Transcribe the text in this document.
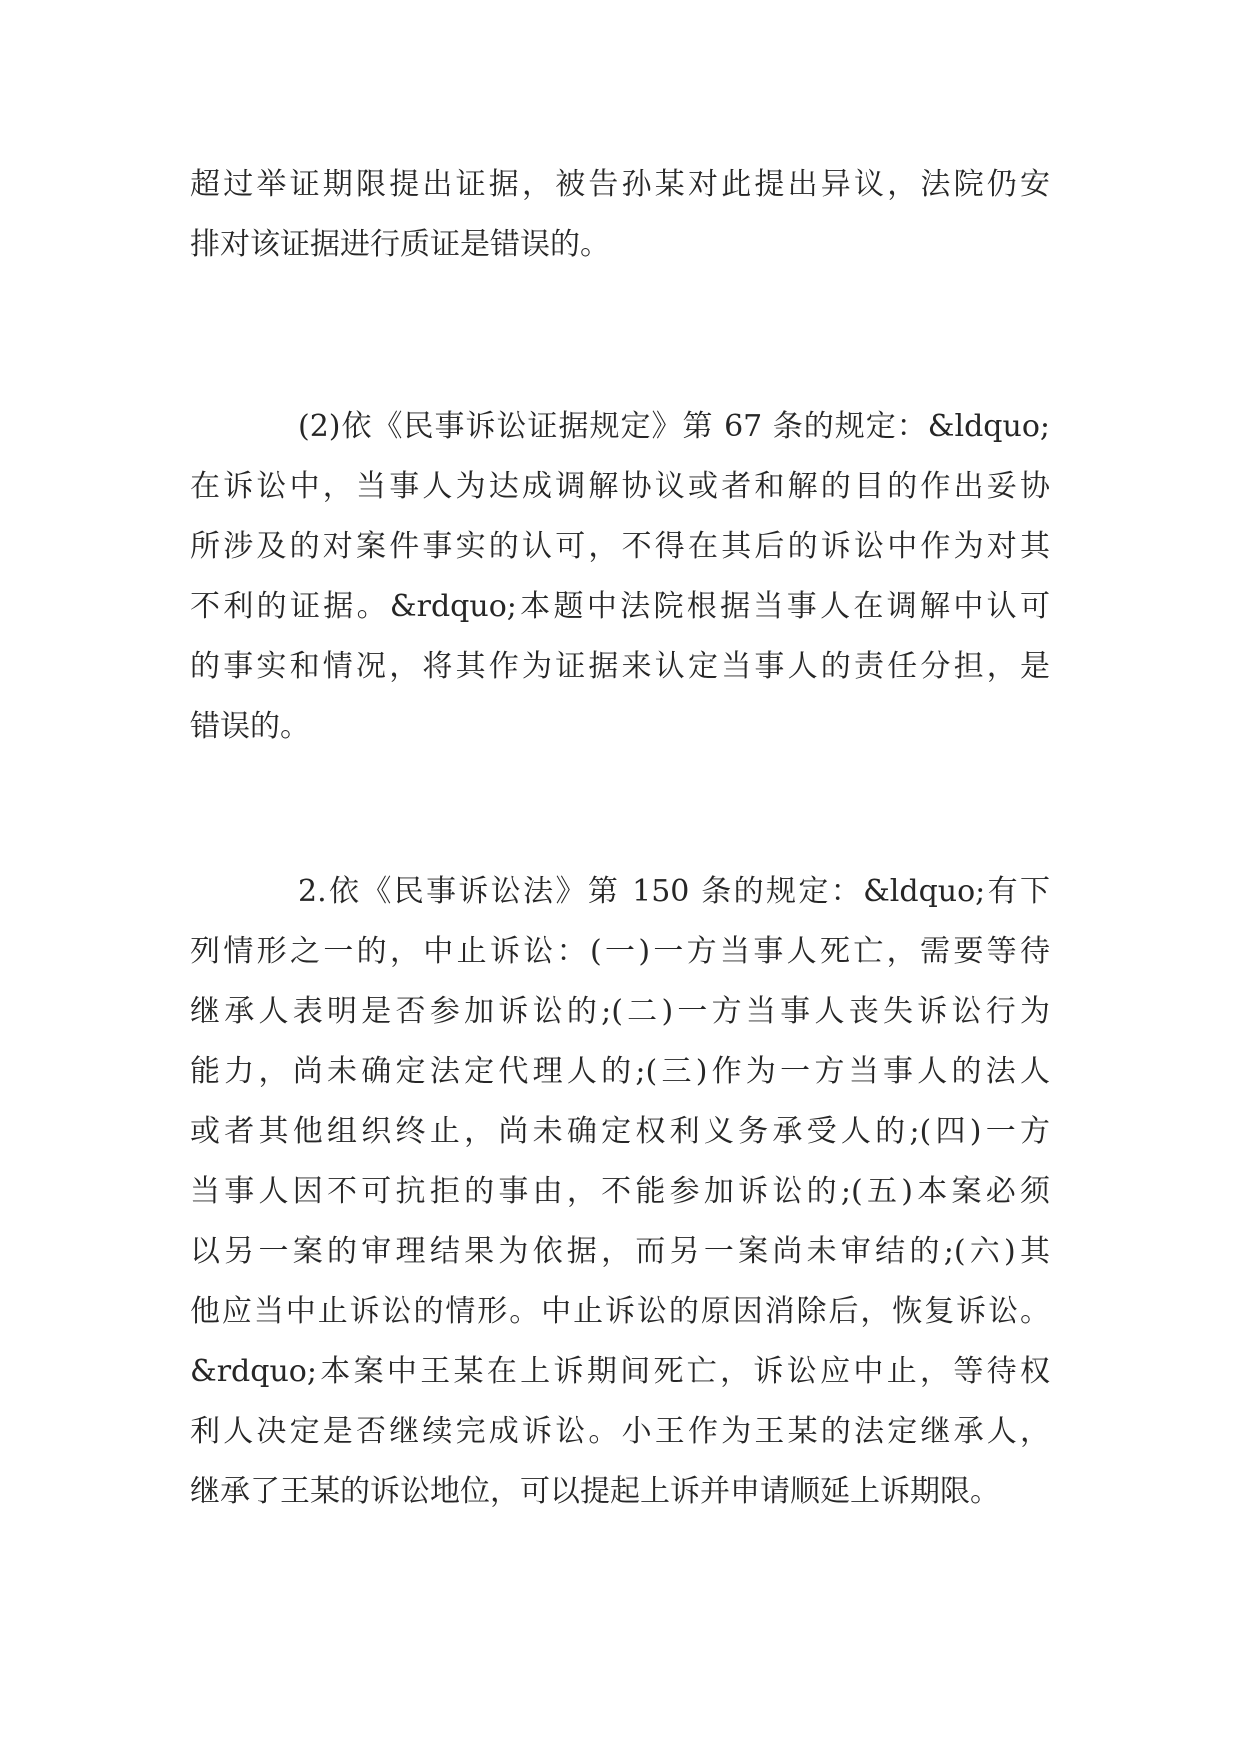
超过举证期限提出证据，被告孙某对此提出异议，法院仍安
排对该证据进行质证是错误的。
(2)依《民事诉讼证据规定》第 67 条的规定：&ldquo;
在诉讼中，当事人为达成调解协议或者和解的目的作出妥协
所涉及的对案件事实的认可，不得在其后的诉讼中作为对其
不利的证据。&rdquo;本题中法院根据当事人在调解中认可
的事实和情况，将其作为证据来认定当事人的责任分担，是
错误的。
2.依《民事诉讼法》第 150 条的规定：&ldquo;有下
列情形之一的，中止诉讼：(一)一方当事人死亡，需要等待
继承人表明是否参加诉讼的;(二)一方当事人丧失诉讼行为
能力，尚未确定法定代理人的;(三)作为一方当事人的法人
或者其他组织终止，尚未确定权利义务承受人的;(四)一方
当事人因不可抗拒的事由，不能参加诉讼的;(五)本案必须
以另一案的审理结果为依据，而另一案尚未审结的;(六)其
他应当中止诉讼的情形。中止诉讼的原因消除后，恢复诉讼。
&rdquo;本案中王某在上诉期间死亡，诉讼应中止，等待权
利人决定是否继续完成诉讼。小王作为王某的法定继承人，
继承了王某的诉讼地位，可以提起上诉并申请顺延上诉期限。
